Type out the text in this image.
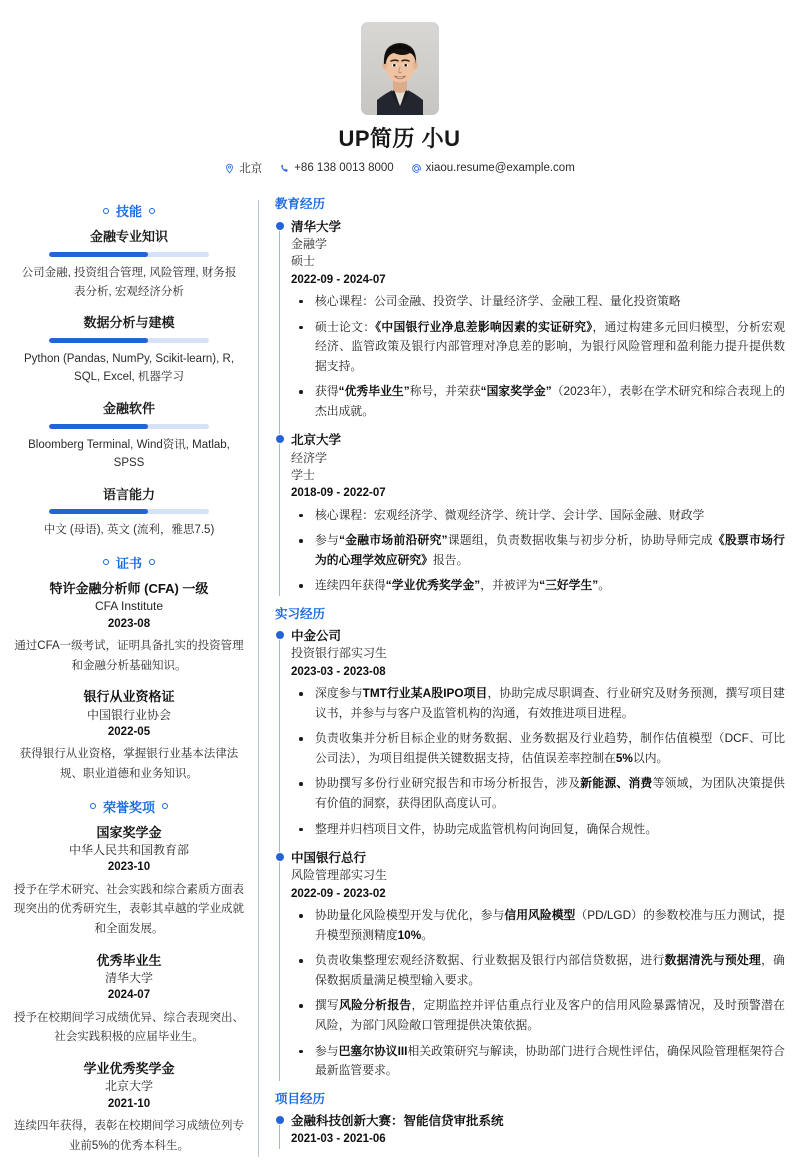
UP简历 小U
北京	+86 138 0013 8000	xiaou.resume@example.com
技能
金融专业知识

公司金融, 投资组合管理, 风险管理, 财务报表分析, 宏观经济分析

数据分析与建模

Python (Pandas, NumPy, Scikit-learn), R, SQL, Excel, 机器学习

金融软件

Bloomberg Terminal, Wind资讯, Matlab, SPSS

语言能力

中文 (母语), 英文 (流利，雅思7.5)

证书
特许金融分析师 (CFA) 一级
CFA Institute
2023-08

通过CFA一级考试，证明具备扎实的投资管理和金融分析基础知识。

银行从业资格证
中国银行业协会
2022-05

获得银行从业资格，掌握银行业基本法律法规、职业道德和业务知识。

荣誉奖项
国家奖学金
中华人民共和国教育部
2023-10

授予在学术研究、社会实践和综合素质方面表现突出的优秀研究生，表彰其卓越的学业成就和全面发展。

优秀毕业生
清华大学
2024-07

授予在校期间学习成绩优异、综合表现突出、社会实践积极的应届毕业生。

学业优秀奖学金
北京大学
2021-10

连续四年获得，表彰在校期间学习成绩位列专业前5%的优秀本科生。

教育经历
清华大学
金融学
硕士
2022-09 - 2024-07
核心课程：公司金融、投资学、计量经济学、金融工程、量化投资策略
硕士论文：《中国银行业净息差影响因素的实证研究》，通过构建多元回归模型，分析宏观经济、监管政策及银行内部管理对净息差的影响，为银行风险管理和盈利能力提升提供数据支持。
获得“优秀毕业生”称号，并荣获“国家奖学金”（2023年），表彰在学术研究和综合表现上的杰出成就。
北京大学
经济学
学士
2018-09 - 2022-07
核心课程：宏观经济学、微观经济学、统计学、会计学、国际金融、财政学
参与“金融市场前沿研究”课题组，负责数据收集与初步分析，协助导师完成《股票市场行为的心理学效应研究》报告。
连续四年获得“学业优秀奖学金”，并被评为“三好学生”。
实习经历
中金公司
投资银行部实习生
2023-03 - 2023-08
深度参与TMT行业某A股IPO项目，协助完成尽职调查、行业研究及财务预测，撰写项目建议书，并参与与客户及监管机构的沟通，有效推进项目进程。
负责收集并分析目标企业的财务数据、业务数据及行业趋势，制作估值模型（DCF、可比公司法），为项目组提供关键数据支持，估值误差率控制在5%以内。
协助撰写多份行业研究报告和市场分析报告，涉及新能源、消费等领域，为团队决策提供有价值的洞察，获得团队高度认可。
整理并归档项目文件，协助完成监管机构问询回复，确保合规性。
中国银行总行
风险管理部实习生
2022-09 - 2023-02
协助量化风险模型开发与优化，参与信用风险模型（PD/LGD）的参数校准与压力测试，提升模型预测精度10%。
负责收集整理宏观经济数据、行业数据及银行内部信贷数据，进行数据清洗与预处理，确保数据质量满足模型输入要求。
撰写风险分析报告，定期监控并评估重点行业及客户的信用风险暴露情况，及时预警潜在风险，为部门风险敞口管理提供决策依据。
参与巴塞尔协议III相关政策研究与解读，协助部门进行合规性评估，确保风险管理框架符合最新监管要求。
项目经历
金融科技创新大赛：智能信贷审批系统
2021-03 - 2021-06
